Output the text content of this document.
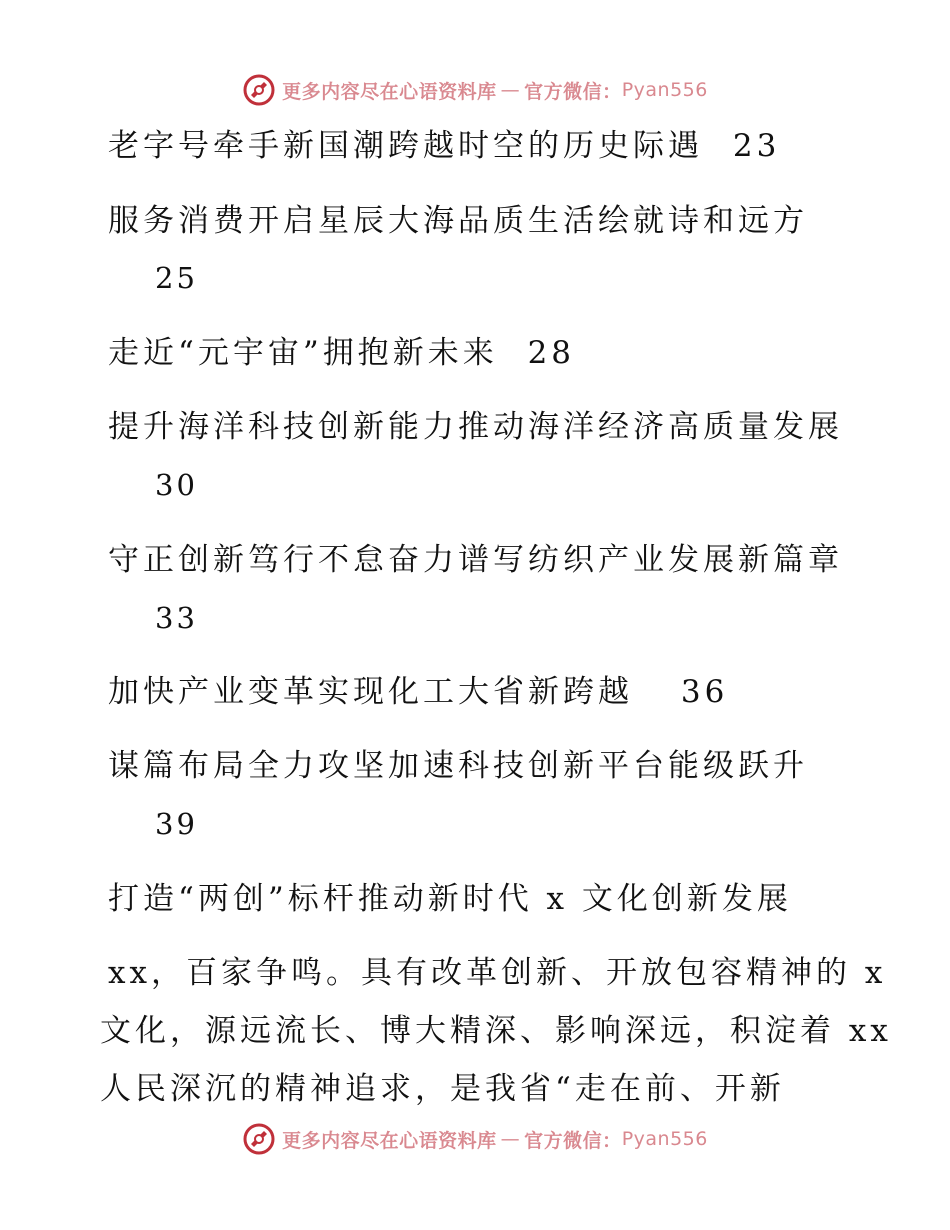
更多内容尽在心语资料库 — 官方微信： Pyan556
老字号牵手新国潮跨越时空的历史际遇 23
服务消费开启星辰大海品质生活绘就诗和远方
25
走近“元宇宙”拥抱新未来 28
提升海洋科技创新能力推动海洋经济高质量发展
30
守正创新笃行不怠奋力谱写纺织产业发展新篇章
33
加快产业变革实现化工大省新跨越 36
谋篇布局全力攻坚加速科技创新平台能级跃升
39
打造“两创”标杆推动新时代 x 文化创新发展
xx，百家争鸣。具有改革创新、开放包容精神的 x
文化，源远流长、博大精深、影响深远，积淀着 xx
人民深沉的精神追求，是我省“走在前、开新
更多内容尽在心语资料库 — 官方微信： Pyan556
